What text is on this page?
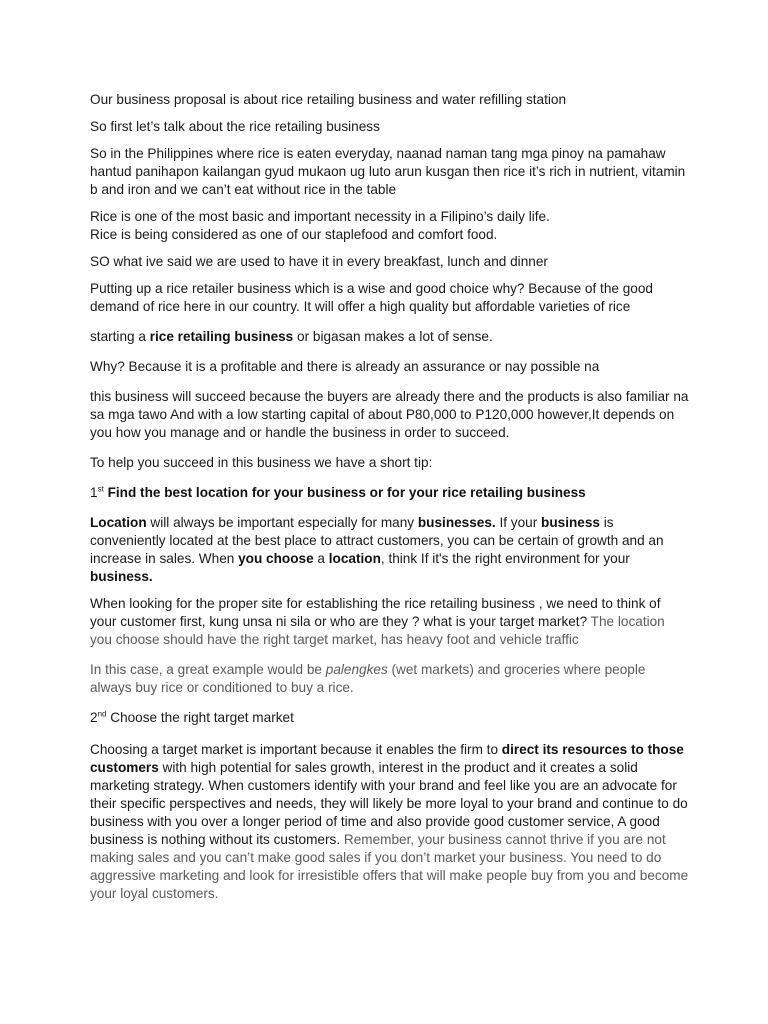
Our business proposal is about rice retailing business and water refilling station

So first let’s talk about the rice retailing business

So in the Philippines where rice is eaten everyday, naanad naman tang mga pinoy na pamahaw hantud panihapon kailangan gyud mukaon ug luto arun kusgan then rice it’s rich in nutrient, vitamin b and iron and we can’t eat without rice in the table

Rice is one of the most basic and important necessity in a Filipino’s daily life.
Rice is being considered as one of our staplefood and comfort food.

SO what ive said we are used to have it in every breakfast, lunch and dinner

Putting up a rice retailer business which is a wise and good choice why? Because of the good demand of rice here in our country. It will offer a high quality but affordable varieties of rice

starting a rice retailing business or bigasan makes a lot of sense.

Why? Because it is a profitable and there is already an assurance or nay possible na

this business will succeed because the buyers are already there and the products is also familiar na sa mga tawo And with a low starting capital of about P80,000 to P120,000 however,It depends on you how you manage and or handle the business in order to succeed.

To help you succeed in this business we have a short tip:

1st Find the best location for your business or for your rice retailing business

Location will always be important especially for many businesses. If your business is conveniently located at the best place to attract customers, you can be certain of growth and an increase in sales. When you choose a location, think If it's the right environment for your business.

When looking for the proper site for establishing the rice retailing business , we need to think of your customer first, kung unsa ni sila or who are they ? what is your target market? The location you choose should have the right target market, has heavy foot and vehicle traffic

In this case, a great example would be palengkes (wet markets) and groceries where people always buy rice or conditioned to buy a rice.

2nd Choose the right target market

Choosing a target market is important because it enables the firm to direct its resources to those customers with high potential for sales growth, interest in the product and it creates a solid marketing strategy. When customers identify with your brand and feel like you are an advocate for their specific perspectives and needs, they will likely be more loyal to your brand and continue to do business with you over a longer period of time and also provide good customer service, A good business is nothing without its customers. Remember, your business cannot thrive if you are not making sales and you can’t make good sales if you don’t market your business. You need to do aggressive marketing and look for irresistible offers that will make people buy from you and become your loyal customers.
